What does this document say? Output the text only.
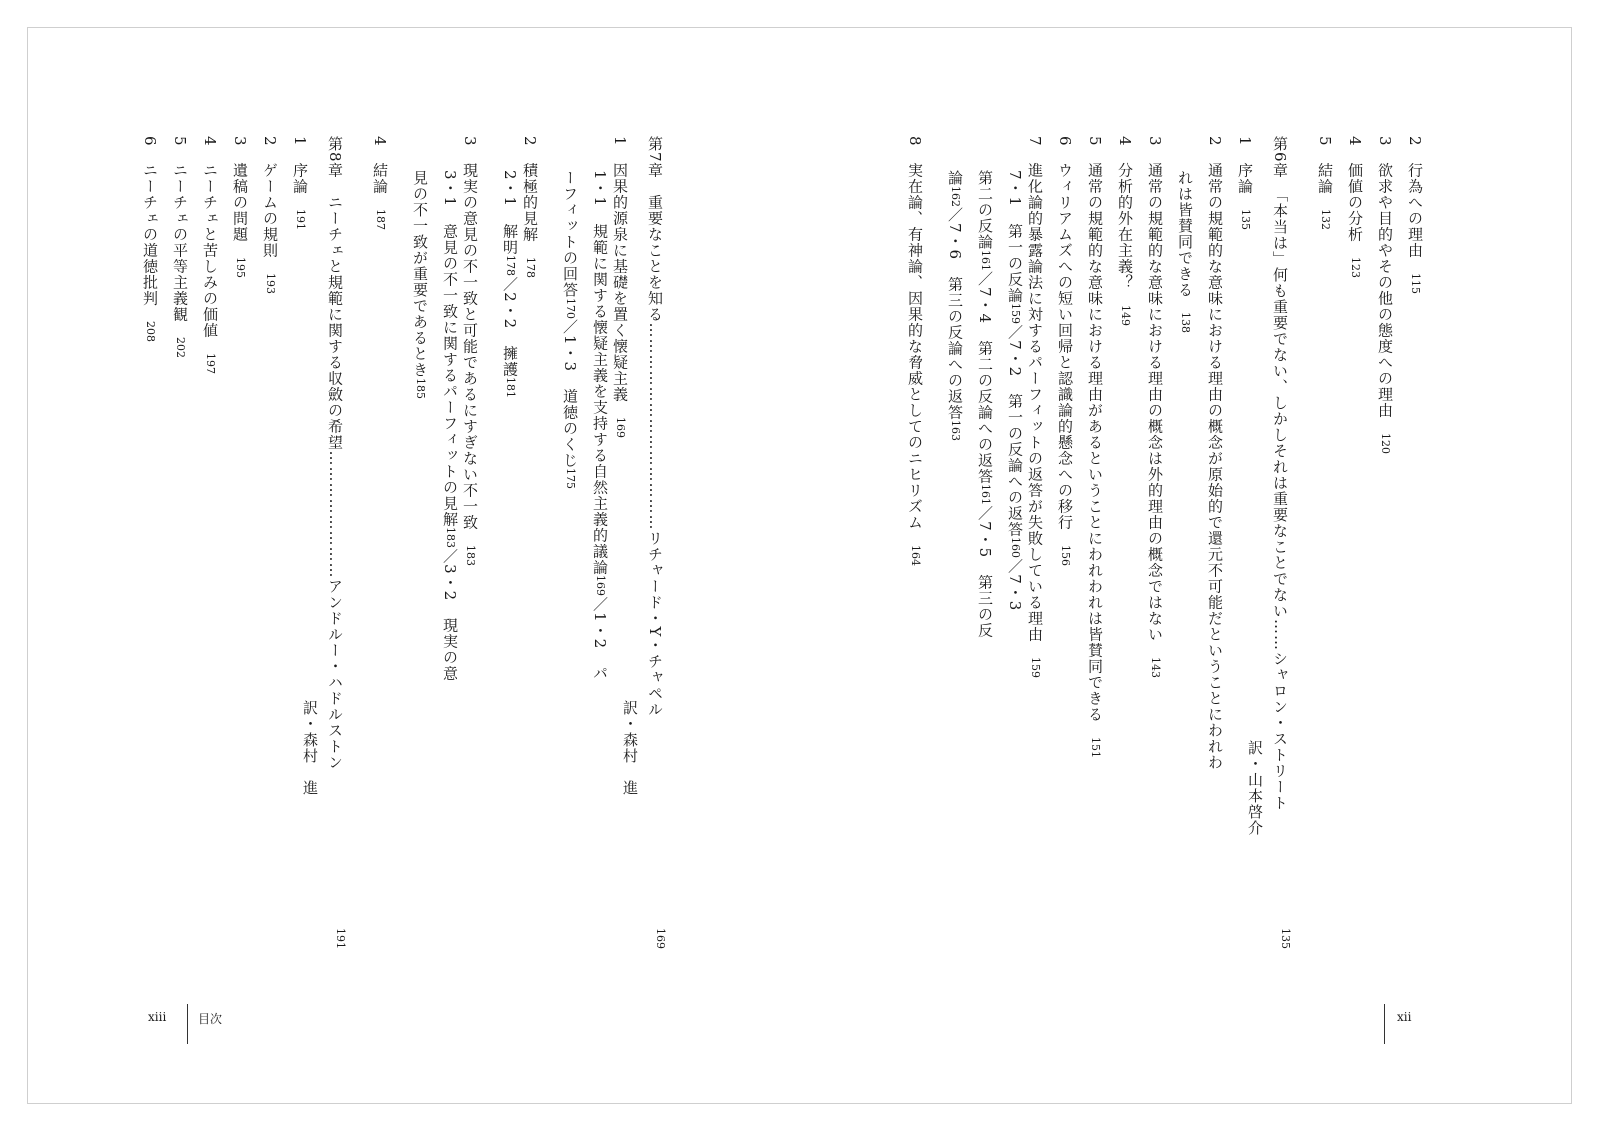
2　行為への理由115
3　欲求や目的やその他の態度への理由120
4　価値の分析123
5　結論132
第6章　「本当は」何も重要でない、しかしそれは重要なことでない……シャロン・ストリート
訳・山本啓介
135
1　序論135
2　通常の規範的な意味における理由の概念が原始的で還元不可能だということにわれわ
れは皆賛同できる138
3　通常の規範的な意味における理由の概念は外的理由の概念ではない143
4　分析的外在主義？149
5　通常の規範的な意味における理由があるということにわれわれは皆賛同できる151
6　ウィリアムズへの短い回帰と認識論的懸念への移行156
7　進化論的暴露論法に対するパーフィットの返答が失敗している理由159
7・1　第一の反論159／7・2　第一の反論への返答160／7・3
第二の反論161／7・4　第二の反論への返答161／7・5　第三の反
論162／7・6　第三の反論への返答163
8　実在論、有神論、因果的な脅威としてのニヒリズム164
第7章　重要なことを知る…………………………………リチャード・Y・チャペル
訳・森村　進
169
1　因果的源泉に基礎を置く懐疑主義169
1・1　規範に関する懐疑主義を支持する自然主義的議論169／1・2　パ
ーフィットの回答170／1・3　道徳のくじ175
2　積極的見解178
2・1　解明178／2・2　擁護181
3　現実の意見の不一致と可能であるにすぎない不一致183
3・1　意見の不一致に関するパーフィットの見解183／3・2　現実の意
見の不一致が重要であるとき185
4　結論187
第8章　ニーチェと規範に関する収斂の希望……………………アンドルー・ハドルストン
訳・森村　進
191
1　序論191
2　ゲームの規則193
3　遺稿の問題195
4　ニーチェと苦しみの価値197
5　ニーチェの平等主義観202
6　ニーチェの道徳批判208
xiii	目次	xii
